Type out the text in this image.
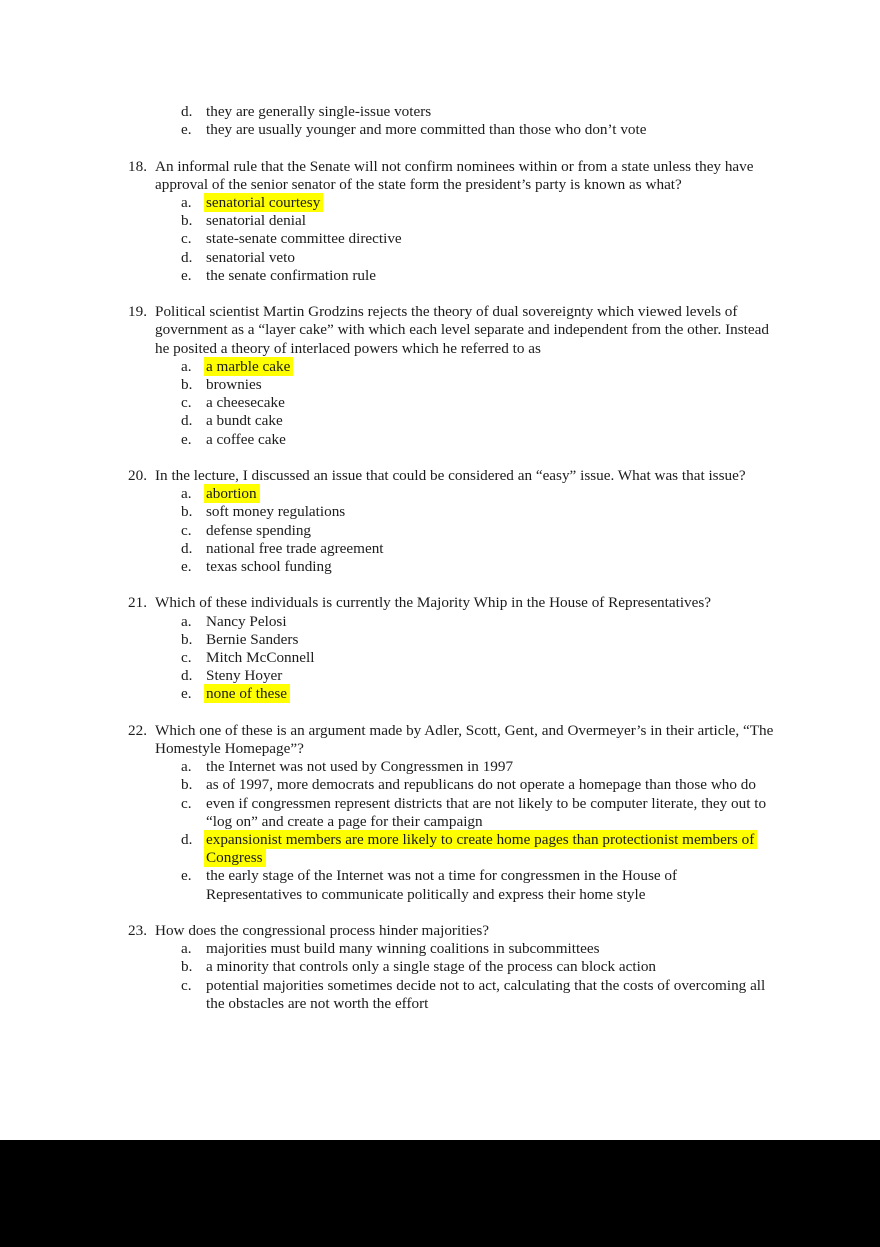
d. they are generally single-issue voters
e. they are usually younger and more committed than those who don’t vote
18. An informal rule that the Senate will not confirm nominees within or from a state unless they have approval of the senior senator of the state form the president’s party is known as what?
a. senatorial courtesy
b. senatorial denial
c. state-senate committee directive
d. senatorial veto
e. the senate confirmation rule
19. Political scientist Martin Grodzins rejects the theory of dual sovereignty which viewed levels of government as a “layer cake” with which each level separate and independent from the other. Instead he posited a theory of interlaced powers which he referred to as
a. a marble cake
b. brownies
c. a cheesecake
d. a bundt cake
e. a coffee cake
20. In the lecture, I discussed an issue that could be considered an “easy” issue. What was that issue?
a. abortion
b. soft money regulations
c. defense spending
d. national free trade agreement
e. texas school funding
21. Which of these individuals is currently the Majority Whip in the House of Representatives?
a. Nancy Pelosi
b. Bernie Sanders
c. Mitch McConnell
d. Steny Hoyer
e. none of these
22. Which one of these is an argument made by Adler, Scott, Gent, and Overmeyer’s in their article, “The Homestyle Homepage”?
a. the Internet was not used by Congressmen in 1997
b. as of 1997, more democrats and republicans do not operate a homepage than those who do
c. even if congressmen represent districts that are not likely to be computer literate, they out to “log on” and create a page for their campaign
d. expansionist members are more likely to create home pages than protectionist members of Congress
e. the early stage of the Internet was not a time for congressmen in the House of Representatives to communicate politically and express their home style
23. How does the congressional process hinder majorities?
a. majorities must build many winning coalitions in subcommittees
b. a minority that controls only a single stage of the process can block action
c. potential majorities sometimes decide not to act, calculating that the costs of overcoming all the obstacles are not worth the effort
